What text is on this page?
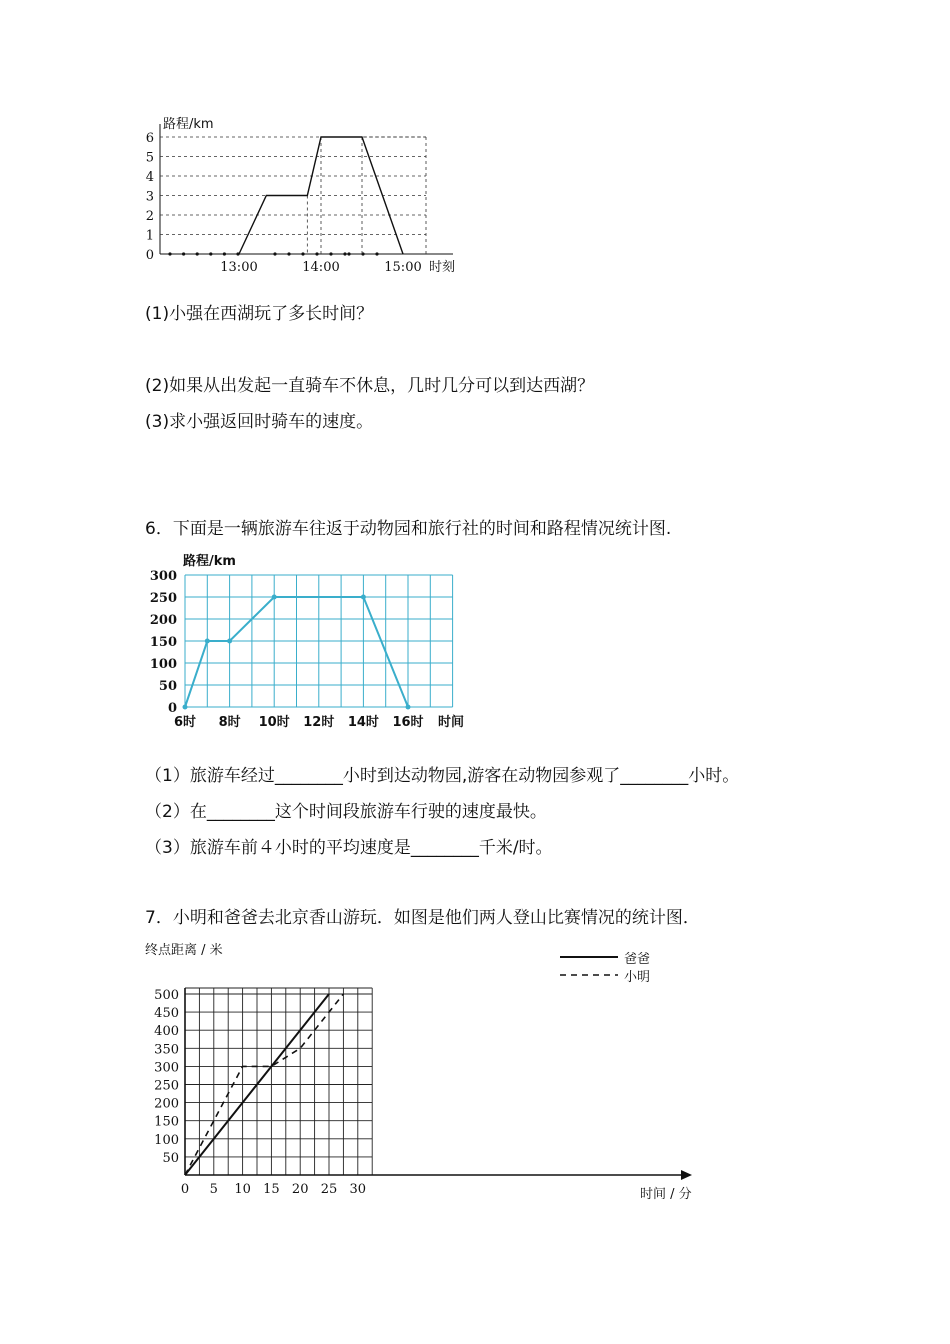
路程/km
0
1
2
3
4
5
6
13:00	14:00	15:00 时刻
(1)小强在西湖玩了多长时间？
(2)如果从出发起一直骑车不休息，几时几分可以到达西湖？
(3)求小强返回时骑车的速度。
6．下面是一辆旅游车往返于动物园和旅行社的时间和路程情况统计图.
路程/km
0
50
100
150
200
250
300
6时 8时 10时 12时 14时 16时 时间
（1）旅游车经过________小时到达动物园,游客在动物园参观了________小时。
（2）在________这个时间段旅游车行驶的速度最快。
（3）旅游车前４小时的平均速度是________千米/时。
7．小明和爸爸去北京香山游玩．如图是他们两人登山比赛情况的统计图．
终点距离 / 米
50
100
150
200
250
300
350
400
450
500
0 5 10 15 20 25 30	时间 / 分
爸爸
小明
